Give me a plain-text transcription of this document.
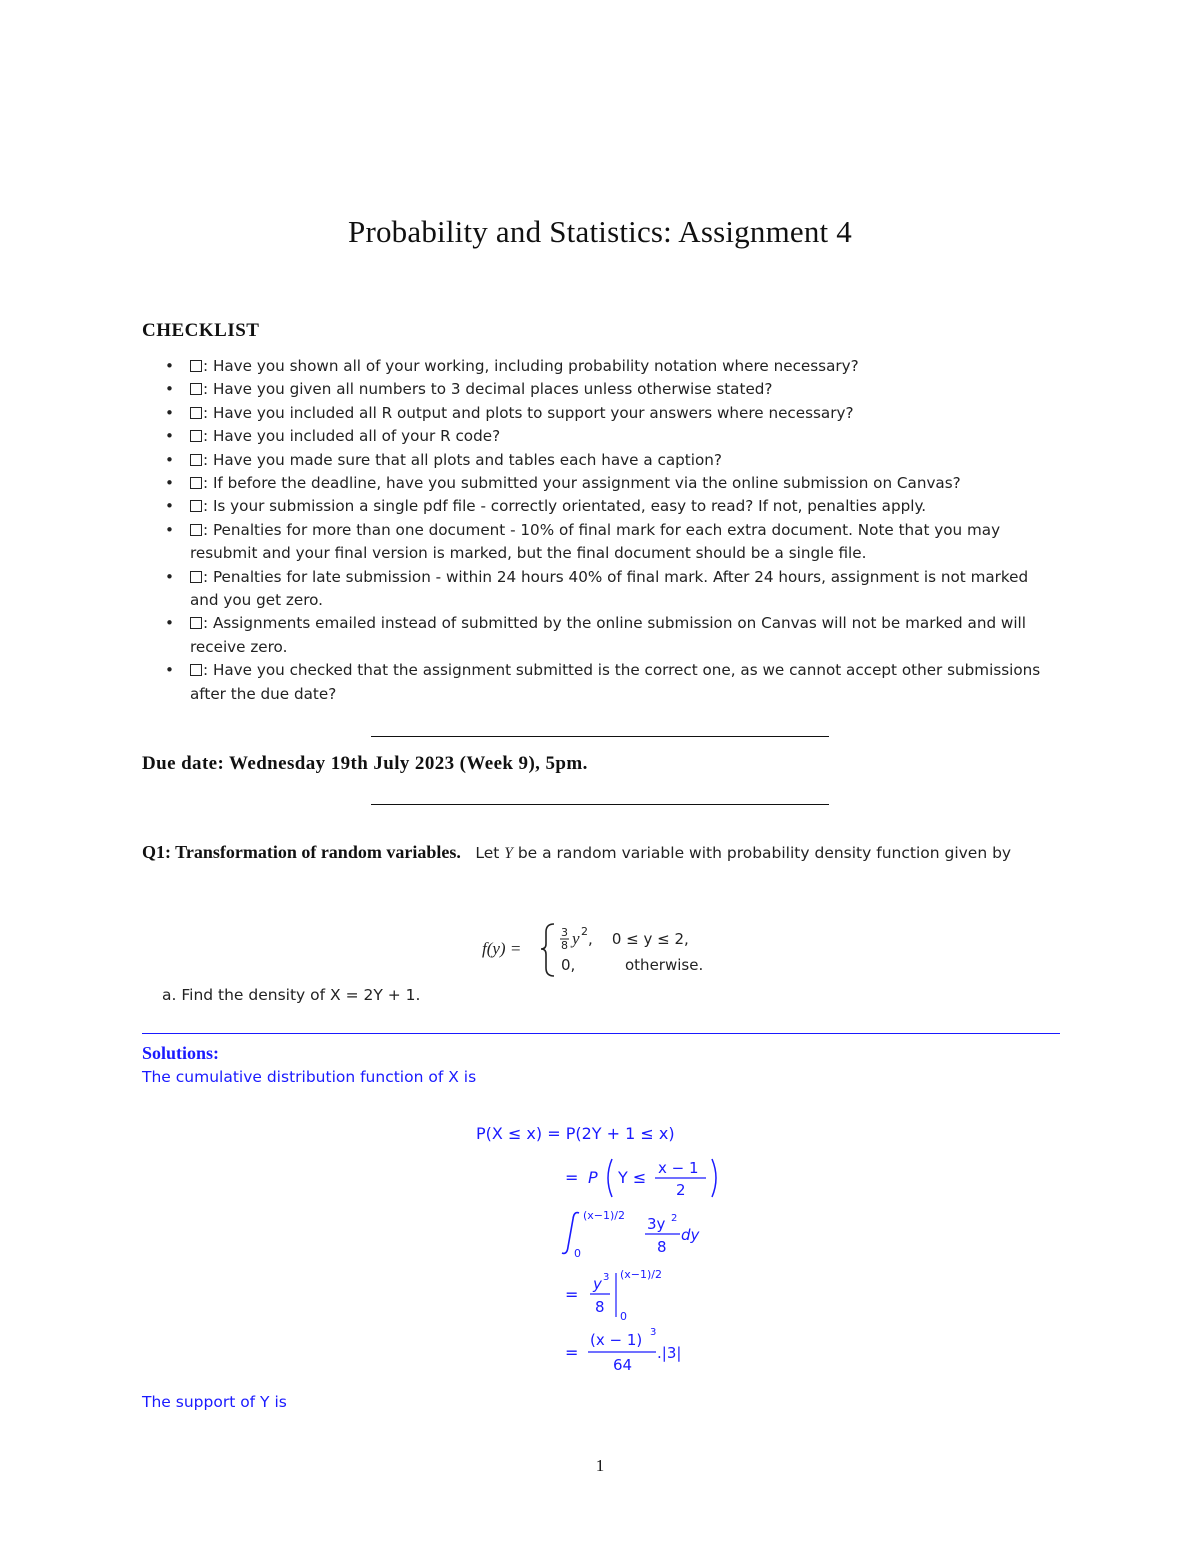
Probability and Statistics: Assignment 4
CHECKLIST
• : Have you shown all of your working, including probability notation where necessary?
• : Have you given all numbers to 3 decimal places unless otherwise stated?
• : Have you included all R output and plots to support your answers where necessary?
• : Have you included all of your R code?
• : Have you made sure that all plots and tables each have a caption?
• : If before the deadline, have you submitted your assignment via the online submission on Canvas?
• : Is your submission a single pdf file - correctly orientated, easy to read? If not, penalties apply.
• : Penalties for more than one document - 10% of final mark for each extra document. Note that you may resubmit and your final version is marked, but the final document should be a single file.
• : Penalties for late submission - within 24 hours 40% of final mark. After 24 hours, assignment is not marked and you get zero.
• : Assignments emailed instead of submitted by the online submission on Canvas will not be marked and will receive zero.
• : Have you checked that the assignment submitted is the correct one, as we cannot accept other submissions after the due date?
Due date: Wednesday 19th July 2023 (Week 9), 5pm.
Q1: Transformation of random variables. Let Y be a random variable with probability density function given by
f(y) =
3
8 y 2 ,    0 ≤ y ≤ 2,
0,	otherwise.
a. Find the density of X = 2Y + 1.
Solutions:
The cumulative distribution function of X is
P(X ≤ x) = P(2Y + 1 ≤ x)
= P Y ≤ x − 1
2
(x−1)/2
0
3y 2
8
dy
=
y 3
8
(x−1)/2
0
=
(x − 1) 3
64
.|3|
The support of Y is
1
